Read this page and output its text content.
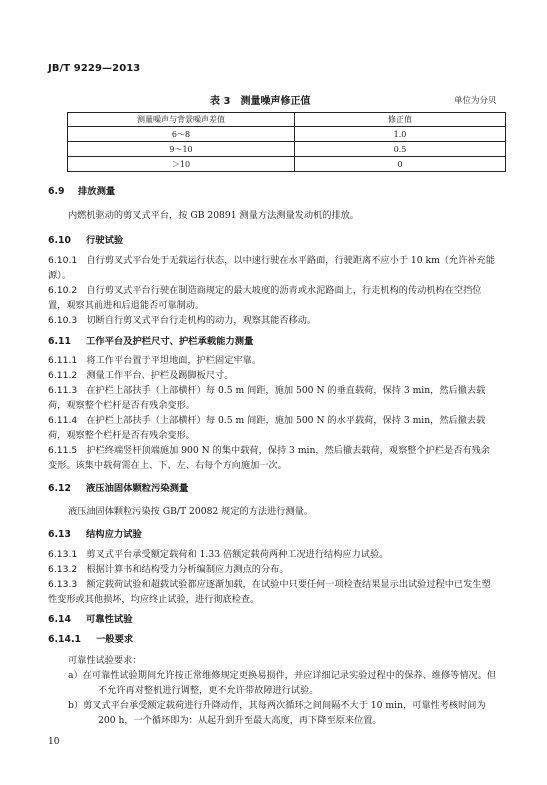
JB/T 9229—2013
表 3　测量噪声修正值	单位为分贝
测量噪声与背景噪声差值	修正值
6～8	1.0
9～10	0.5
＞10	0
6.9 排放测量
内燃机驱动的剪叉式平台，按 GB 20891 测量方法测量发动机的排放。
6.10 行驶试验
6.10.1　 自行剪叉式平台处于无载运行状态，以中速行驶在水平路面，行驶距离不应小于 10 km（允许补充能源）。
6.10.2　 自行剪叉式平台行驶在制造商规定的最大坡度的沥青或水泥路面上，行走机构的传动机构在空挡位置，观察其前进和后退能否可靠制动。
6.10.3　 切断自行剪叉式平台行走机构的动力，观察其能否移动。
6.11 工作平台及护栏尺寸、护栏承载能力测量
6.11.1　 将工作平台置于平坦地面，护栏固定牢靠。
6.11.2　 测量工作平台、护栏及踢脚板尺寸。
6.11.3　 在护栏上部扶手（上部横杆）每 0.5 m 间距，施加 500 N 的垂直载荷，保持 3 min，然后撤去载荷，观察整个栏杆是否有残余变形。
6.11.4　 在护栏上部扶手（上部横杆）每 0.5 m 间距，施加 500 N 的水平载荷，保持 3 min，然后撤去载荷，观察整个栏杆是否有残余变形。
6.11.5　 护栏终端竖杆顶端施加 900 N 的集中载荷，保持 3 min，然后撤去载荷，观察整个护栏是否有残余变形。该集中载荷需在上、下、左、右每个方向施加一次。
6.12 液压油固体颗粒污染测量
液压油固体颗粒污染按 GB/T 20082 规定的方法进行测量。
6.13 结构应力试验
6.13.1　 剪叉式平台承受额定载荷和 1.33 倍额定载荷两种工况进行结构应力试验。
6.13.2　 根据计算书和结构受力分析编制应力测点的分布。
6.13.3　 额定载荷试验和超载试验都应逐渐加载，在试验中只要任何一项检查结果显示出试验过程中已发生塑性变形或其他损坏，均应终止试验，进行彻底检查。
6.14 可靠性试验
6.14.1 一般要求
可靠性试验要求：
a）在可靠性试验期间允许按正常维修规定更换易损件，并应详细记录实验过程中的保养、维修等情况。但不允许再对整机进行调整，更不允许带故障进行试验。
b）剪叉式平台承受额定载荷进行升降动作，其每两次循环之间间隔不大于 10 min，可靠性考核时间为 200 h，一个循环即为：从起升到升至最大高度，再下降至原来位置。
10
